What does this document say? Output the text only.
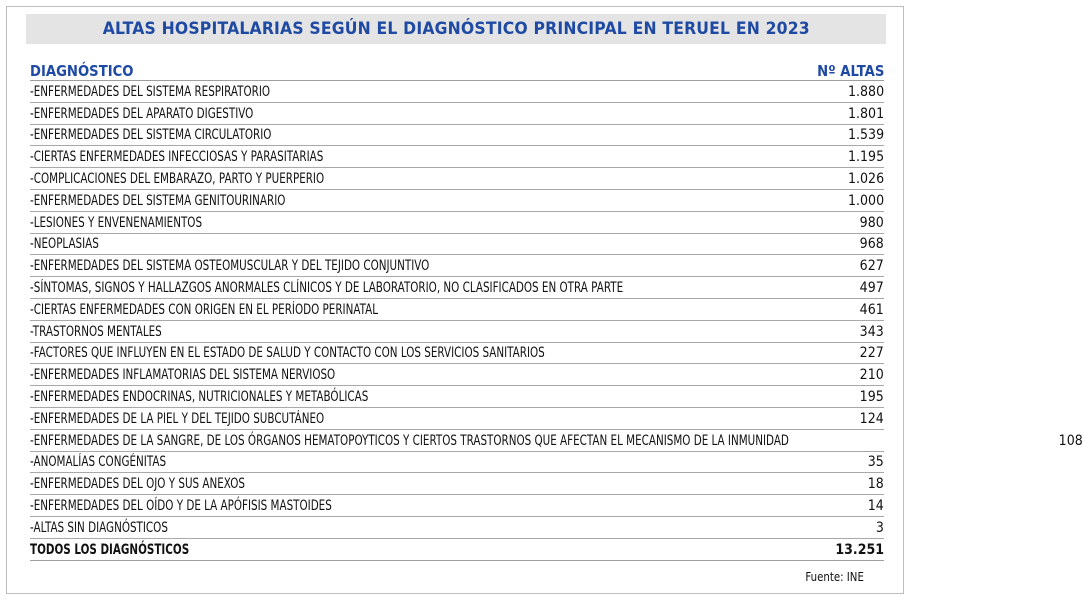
ALTAS HOSPITALARIAS SEGÚN EL DIAGNÓSTICO PRINCIPAL EN TERUEL EN 2023
DIAGNÓSTICO	Nº ALTAS
-ENFERMEDADES DEL SISTEMA RESPIRATORIO	1.880
-ENFERMEDADES DEL APARATO DIGESTIVO	1.801
-ENFERMEDADES DEL SISTEMA CIRCULATORIO	1.539
-CIERTAS ENFERMEDADES INFECCIOSAS Y PARASITARIAS	1.195
-COMPLICACIONES DEL EMBARAZO, PARTO Y PUERPERIO	1.026
-ENFERMEDADES DEL SISTEMA GENITOURINARIO	1.000
-LESIONES Y ENVENENAMIENTOS	980
-NEOPLASIAS	968
-ENFERMEDADES DEL SISTEMA OSTEOMUSCULAR Y DEL TEJIDO CONJUNTIVO	627
-SÍNTOMAS, SIGNOS Y HALLAZGOS ANORMALES CLÍNICOS Y DE LABORATORIO, NO CLASIFICADOS EN OTRA PARTE	497
-CIERTAS ENFERMEDADES CON ORIGEN EN EL PERÍODO PERINATAL	461
-TRASTORNOS MENTALES	343
-FACTORES QUE INFLUYEN EN EL ESTADO DE SALUD Y CONTACTO CON LOS SERVICIOS SANITARIOS	227
-ENFERMEDADES INFLAMATORIAS DEL SISTEMA NERVIOSO	210
-ENFERMEDADES ENDOCRINAS, NUTRICIONALES Y METABÓLICAS	195
-ENFERMEDADES DE LA PIEL Y DEL TEJIDO SUBCUTÁNEO	124
-ENFERMEDADES DE LA SANGRE, DE LOS ÓRGANOS HEMATOPOYTICOS Y CIERTOS TRASTORNOS QUE AFECTAN EL MECANISMO DE LA INMUNIDAD	108
-ANOMALÍAS CONGÉNITAS	35
-ENFERMEDADES DEL OJO Y SUS ANEXOS	18
-ENFERMEDADES DEL OÍDO Y DE LA APÓFISIS MASTOIDES	14
-ALTAS SIN DIAGNÓSTICOS	3
TODOS LOS DIAGNÓSTICOS	13.251
Fuente: INE
